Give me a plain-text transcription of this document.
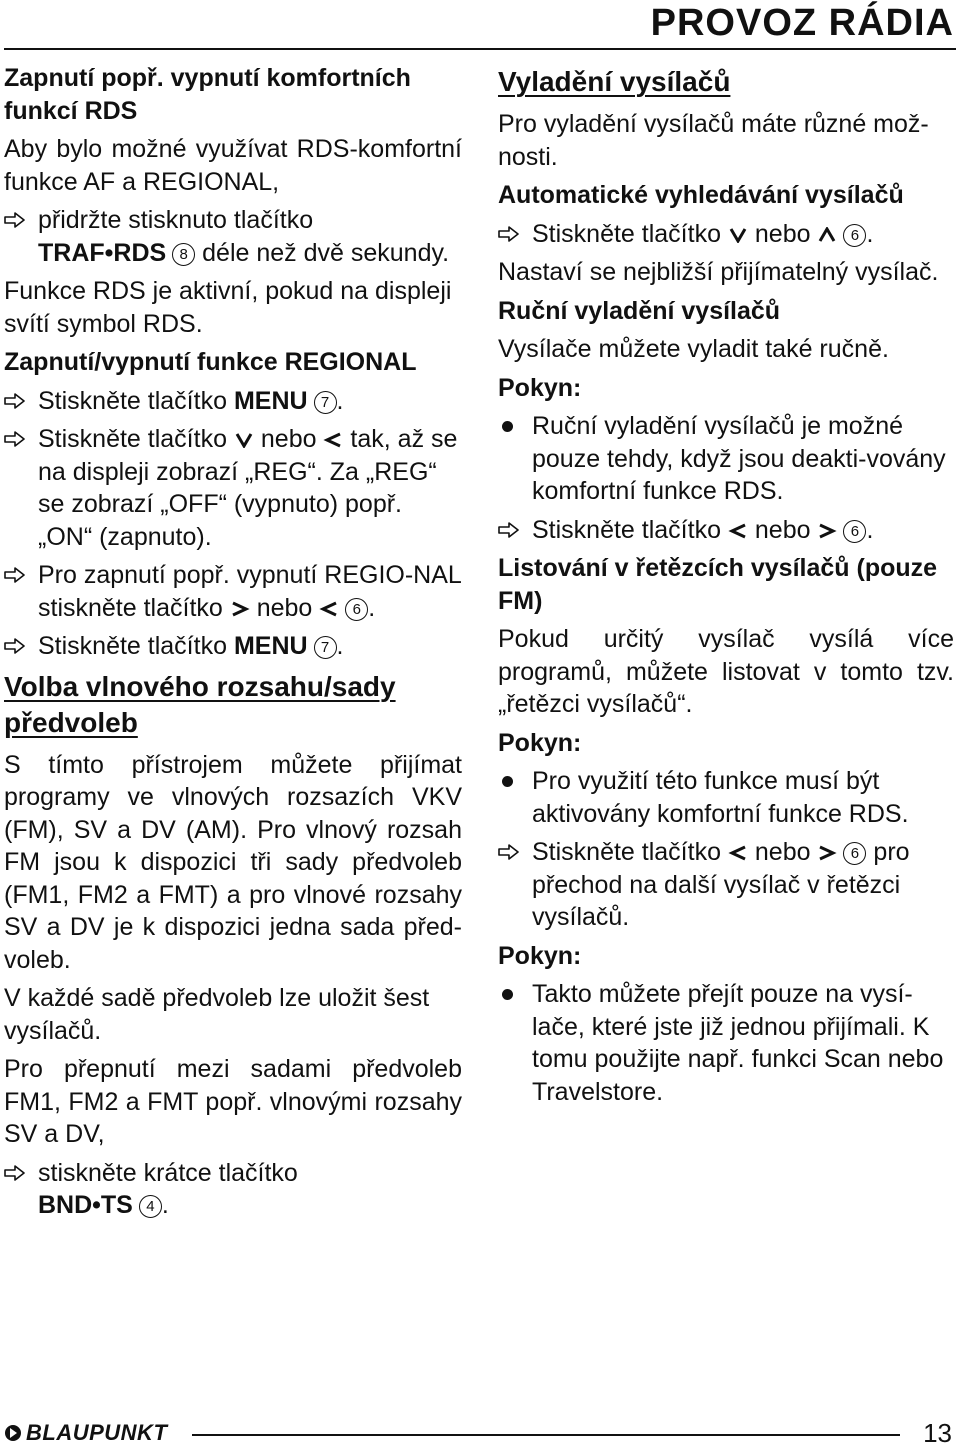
PROVOZ RÁDIA
Zapnutí popř. vypnutí komfortních funkcí RDS

Aby bylo možné využívat RDS-komfortní funkce AF a REGIONAL,

přidržte stisknuto tlačítko
TRAF•RDS 8 déle než dvě sekundy.

Funkce RDS je aktivní, pokud na displeji svítí symbol RDS.

Zapnutí/vypnutí funkce REGIONAL
Stiskněte tlačítko MENU 7 .
Stiskněte tlačítko nebo tak, až se na displeji zobrazí „REG“. Za „REG“ se zobrazí „OFF“ (vypnuto) popř. „ON“ (zapnuto).
Pro zapnutí popř. vypnutí REGIO-NAL stiskněte tlačítko nebo	6 .
Stiskněte tlačítko MENU 7 .
Volba vlnového rozsahu/sady předvoleb

S tímto přístrojem můžete přijímat programy ve vlnových rozsazích VKV (FM), SV a DV (AM). Pro vlnový rozsah FM jsou k dispozici tři sady předvoleb (FM1, FM2 a FMT) a pro vlnové rozsahy SV a DV je k dispozici jedna sada před-voleb.

V každé sadě předvoleb lze uložit šest vysílačů.

Pro přepnutí mezi sadami předvoleb FM1, FM2 a FMT popř. vlnovými rozsahy SV a DV,

stiskněte krátce tlačítko
BND•TS 4 .
Vyladění vysílačů

Pro vyladění vysílačů máte různé mož-nosti.

Automatické vyhledávání vysílačů
Stiskněte tlačítko nebo	6 .

Nastaví se nejbližší přijímatelný vysílač.

Ruční vyladění vysílačů

Vysílače můžete vyladit také ručně.

Pokyn:
Ruční vyladění vysílačů je možné pouze tehdy, když jsou deakti-vovány komfortní funkce RDS.
Stiskněte tlačítko nebo	6 .
Listování v řetězcích vysílačů (pouze FM)

Pokud určitý vysílač vysílá více programů, můžete listovat v tomto tzv. „řetězci vysílačů“.

Pokyn:
Pro využití této funkce musí být aktivovány komfortní funkce RDS.
Stiskněte tlačítko nebo	6 pro přechod na další vysílač v řetězci vysílačů.
Pokyn:
Takto můžete přejít pouze na vysí-lače, které jste již jednou přijímali. K tomu použijte např. funkci Scan nebo Travelstore.
BLAUPUNKT	13
